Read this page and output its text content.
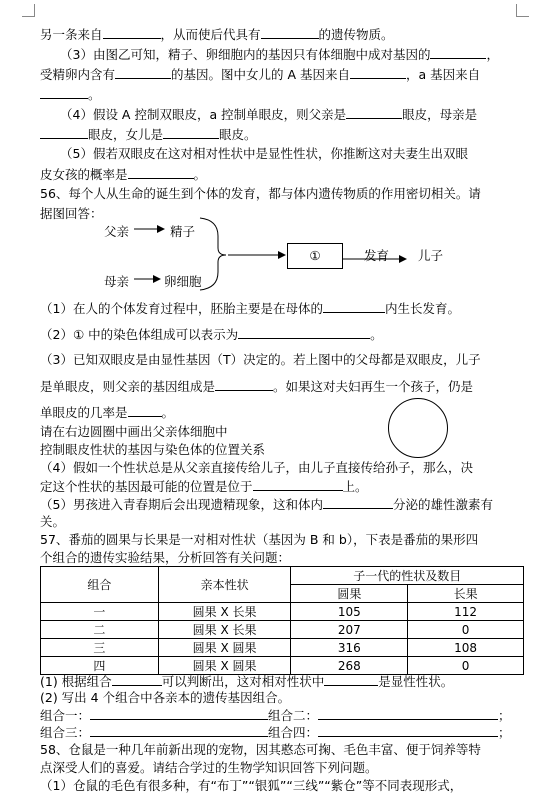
另一条来自	，从而使后代具有	的遗传物质。
（3）由图乙可知，精子、卵细胞内的基因只有体细胞中成对基因的	，
受精卵内含有	的基因。图中女儿的 A 基因来自	，a 基因来自
。
（4）假设 A 控制双眼皮，a 控制单眼皮，则父亲是	眼皮，母亲是
眼皮，女儿是	眼皮。
（5）假若双眼皮在这对相对性状中是显性性状，你推断这对夫妻生出双眼
皮女孩的概率是	。
56、每个人从生命的诞生到个体的发育，都与体内遗传物质的作用密切相关。请
据图回答：
父亲	精子
母亲	卵细胞
发育 儿子
①
（1）在人的个体发育过程中，胚胎主要是在母体的	内生长发育。
（2）① 中的染色体组成可以表示为	。
（3）已知双眼皮是由显性基因（T）决定的。若上图中的父母都是双眼皮，儿子
是单眼皮，则父亲的基因组成是	。如果这对夫妇再生一个孩子，仍是
单眼皮的几率是	。
请在右边圆圈中画出父亲体细胞中
控制眼皮性状的基因与染色体的位置关系
（4）假如一个性状总是从父亲直接传给儿子，由儿子直接传给孙子，那么，决
定这个性状的基因最可能的位置是位于	上。
（5）男孩进入青春期后会出现遗精现象，这和体内	分泌的雄性激素有
关。
57、番茄的圆果与长果是一对相对性状（基因为 B 和 b），下表是番茄的果形四
个组合的遗传实验结果，分析回答有关问题：
组合	亲本性状	子一代的性状及数目	
		圆果	长果
一	圆果 X 长果	105	112
二	圆果 X 长果	207	0
三	圆果 X 圆果	316	108
四	圆果 X 圆果	268	0
(1) 根据组合	可以判断出，这对相对性状中	是显性性状。
(2) 写出 4 个组合中各亲本的遗传基因组合。
组合一：	组合二：	；
组合三：	组合四：	；
58、仓鼠是一种几年前新出现的宠物，因其憨态可掬、毛色丰富、便于饲养等特
点深受人们的喜爱。请结合学过的生物学知识回答下列问题。
（1）仓鼠的毛色有很多种，有“布丁”“银狐”“三线”“紫仓”等不同表现形式，
